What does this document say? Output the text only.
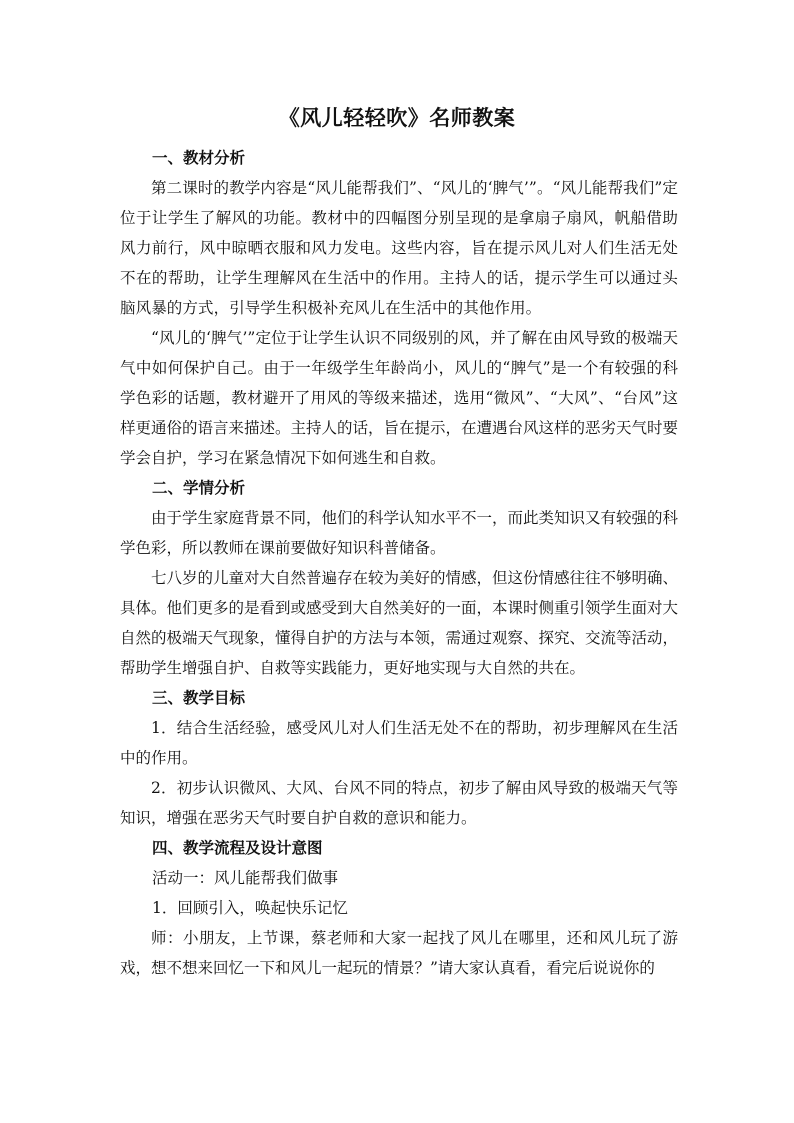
《风儿轻轻吹》名师教案
一、教材分析

第二课时的教学内容是“风儿能帮我们”、“风儿的‘脾气’”。“风儿能帮我们”定位于让学生了解风的功能。教材中的四幅图分别呈现的是拿扇子扇风，帆船借助风力前行，风中晾晒衣服和风力发电。这些内容，旨在提示风儿对人们生活无处不在的帮助，让学生理解风在生活中的作用。主持人的话，提示学生可以通过头脑风暴的方式，引导学生积极补充风儿在生活中的其他作用。

“风儿的‘脾气’”定位于让学生认识不同级别的风，并了解在由风导致的极端天气中如何保护自己。由于一年级学生年龄尚小，风儿的“脾气”是一个有较强的科学色彩的话题，教材避开了用风的等级来描述，选用“微风”、“大风”、“台风”这样更通俗的语言来描述。主持人的话，旨在提示，在遭遇台风这样的恶劣天气时要学会自护，学习在紧急情况下如何逃生和自救。

二、学情分析

由于学生家庭背景不同，他们的科学认知水平不一，而此类知识又有较强的科学色彩，所以教师在课前要做好知识科普储备。

七八岁的儿童对大自然普遍存在较为美好的情感，但这份情感往往不够明确、具体。他们更多的是看到或感受到大自然美好的一面，本课时侧重引领学生面对大自然的极端天气现象，懂得自护的方法与本领，需通过观察、探究、交流等活动，帮助学生增强自护、自救等实践能力，更好地实现与大自然的共在。

三、教学目标

1．结合生活经验，感受风儿对人们生活无处不在的帮助，初步理解风在生活中的作用。

2．初步认识微风、大风、台风不同的特点，初步了解由风导致的极端天气等知识，增强在恶劣天气时要自护自救的意识和能力。

四、教学流程及设计意图
活动一：风儿能帮我们做事
1．回顾引入，唤起快乐记忆

师：小朋友，上节课，蔡老师和大家一起找了风儿在哪里，还和风儿玩了游戏，想不想来回忆一下和风儿一起玩的情景？”请大家认真看，看完后说说你的
